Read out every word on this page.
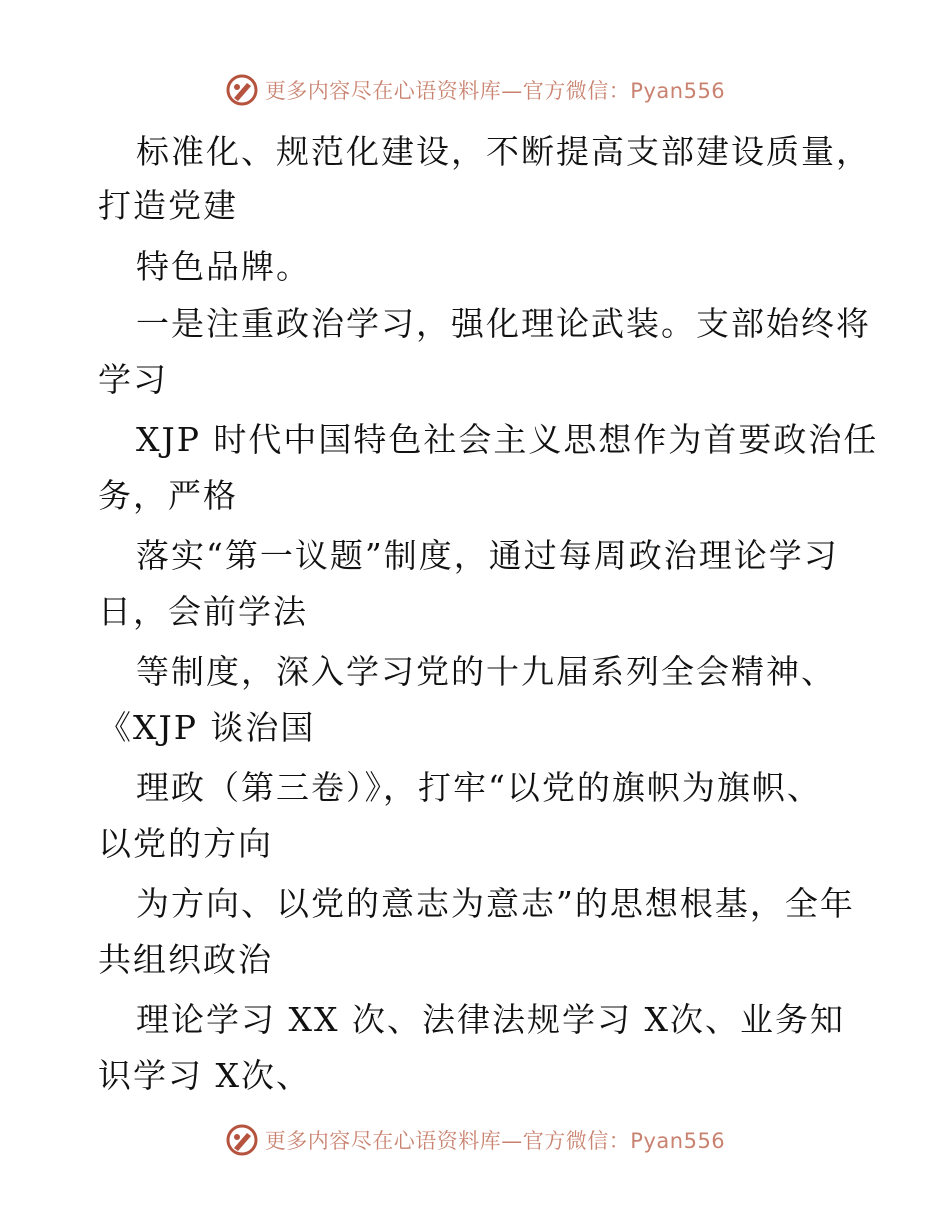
更多内容尽在心语资料库—官方微信：Pyan556
标准化、规范化建设，不断提高支部建设质量，
打造党建
特色品牌。
一是注重政治学习，强化理论武装。支部始终将
学习
XJP 时代中国特色社会主义思想作为首要政治任
务，严格
落实“第一议题”制度，通过每周政治理论学习
日，会前学法
等制度，深入学习党的十九届系列全会精神、
《XJP 谈治国
理政（第三卷）》，打牢“以党的旗帜为旗帜、
以党的方向
为方向、以党的意志为意志”的思想根基，全年
共组织政治
理论学习 XX 次、法律法规学习 X次、业务知
识学习 X次、
更多内容尽在心语资料库—官方微信：Pyan556
